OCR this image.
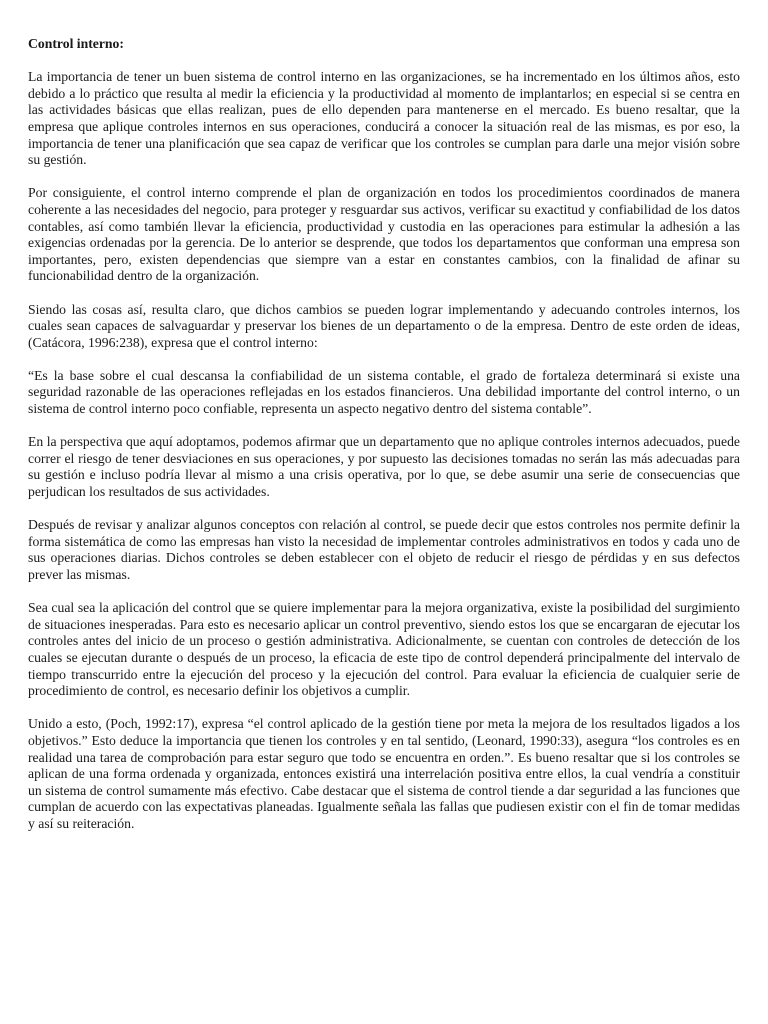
Control interno:

La importancia de tener un buen sistema de control interno en las organizaciones, se ha incrementado en los últimos años, esto debido a lo práctico que resulta al medir la eficiencia y la productividad al momento de implantarlos; en especial si se centra en las actividades básicas que ellas realizan, pues de ello dependen para mantenerse en el mercado. Es bueno resaltar, que la empresa que aplique controles internos en sus operaciones, conducirá a conocer la situación real de las mismas, es por eso, la importancia de tener una planificación que sea capaz de verificar que los controles se cumplan para darle una mejor visión sobre su gestión.

Por consiguiente, el control interno comprende el plan de organización en todos los procedimientos coordinados de manera coherente a las necesidades del negocio, para proteger y resguardar sus activos, verificar su exactitud y confiabilidad de los datos contables, así como también llevar la eficiencia, productividad y custodia en las operaciones para estimular la adhesión a las exigencias ordenadas por la gerencia. De lo anterior se desprende, que todos los departamentos que conforman una empresa son importantes, pero, existen dependencias que siempre van a estar en constantes cambios, con la finalidad de afinar su funcionabilidad dentro de la organización.

Siendo las cosas así, resulta claro, que dichos cambios se pueden lograr implementando y adecuando controles internos, los cuales sean capaces de salvaguardar y preservar los bienes de un departamento o de la empresa. Dentro de este orden de ideas, (Catácora, 1996:238), expresa que el control interno:

“Es la base sobre el cual descansa la confiabilidad de un sistema contable, el grado de fortaleza determinará si existe una seguridad razonable de las operaciones reflejadas en los estados financieros. Una debilidad importante del control interno, o un sistema de control interno poco confiable, representa un aspecto negativo dentro del sistema contable”.

En la perspectiva que aquí adoptamos, podemos afirmar que un departamento que no aplique controles internos adecuados, puede correr el riesgo de tener desviaciones en sus operaciones, y por supuesto las decisiones tomadas no serán las más adecuadas para su gestión e incluso podría llevar al mismo a una crisis operativa, por lo que, se debe asumir una serie de consecuencias que perjudican los resultados de sus actividades.

Después de revisar y analizar algunos conceptos con relación al control, se puede decir que estos controles nos permite definir la forma sistemática de como las empresas han visto la necesidad de implementar controles administrativos en todos y cada uno de sus operaciones diarias. Dichos controles se deben establecer con el objeto de reducir el riesgo de pérdidas y en sus defectos prever las mismas.

Sea cual sea la aplicación del control que se quiere implementar para la mejora organizativa, existe la posibilidad del surgimiento de situaciones inesperadas. Para esto es necesario aplicar un control preventivo, siendo estos los que se encargaran de ejecutar los controles antes del inicio de un proceso o gestión administrativa. Adicionalmente, se cuentan con controles de detección de los cuales se ejecutan durante o después de un proceso, la eficacia de este tipo de control dependerá principalmente del intervalo de tiempo transcurrido entre la ejecución del proceso y la ejecución del control. Para evaluar la eficiencia de cualquier serie de procedimiento de control, es necesario definir los objetivos a cumplir.

Unido a esto, (Poch, 1992:17), expresa “el control aplicado de la gestión tiene por meta la mejora de los resultados ligados a los objetivos.” Esto deduce la importancia que tienen los controles y en tal sentido, (Leonard, 1990:33), asegura “los controles es en realidad una tarea de comprobación para estar seguro que todo se encuentra en orden.”. Es bueno resaltar que si los controles se aplican de una forma ordenada y organizada, entonces existirá una interrelación positiva entre ellos, la cual vendría a constituir un sistema de control sumamente más efectivo. Cabe destacar que el sistema de control tiende a dar seguridad a las funciones que cumplan de acuerdo con las expectativas planeadas. Igualmente señala las fallas que pudiesen existir con el fin de tomar medidas y así su reiteración.
